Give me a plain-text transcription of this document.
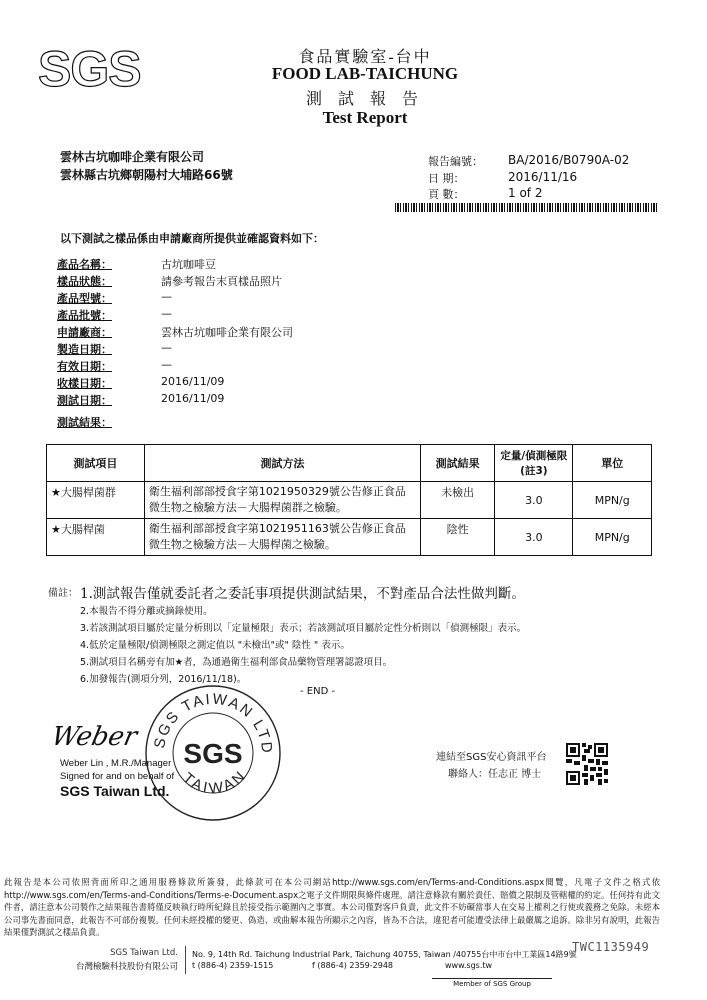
SGS	食品實驗室-台中
FOOD LAB-TAICHUNG
測 試 報 告
Test Report
雲林古坑咖啡企業有限公司
雲林縣古坑鄉朝陽村大埔路66號
報告編號： BA/2016/B0790A-02
日 期：	2016/11/16
頁 數：	1 of 2
以下測試之樣品係由申請廠商所提供並確認資料如下：
產品名稱：	古坑咖啡豆
樣品狀態：	請參考報告末頁樣品照片
產品型號：	—
產品批號：	—
申請廠商：	雲林古坑咖啡企業有限公司
製造日期：	—
有效日期：	—
收樣日期：	2016/11/09
測試日期：	2016/11/09
測試結果：
測試項目	測試方法	測試結果	定量/偵測極限(註3)	單位
★大腸桿菌群	衛生福利部部授食字第1021950329號公告修正食品微生物之檢驗方法－大腸桿菌群之檢驗。	未檢出	3.0	MPN/g
★大腸桿菌	衛生福利部部授食字第1021951163號公告修正食品微生物之檢驗方法－大腸桿菌之檢驗。	陰性	3.0	MPN/g
備註： 1.測試報告僅就委託者之委託事項提供測試結果，不對產品合法性做判斷。
2.本報告不得分離或摘錄使用。
3.若該測試項目屬於定量分析則以「定量極限」表示；若該測試項目屬於定性分析則以「偵測極限」表示。
4.低於定量極限/偵測極限之測定值以 "未檢出"或" 陰性 " 表示。
5.測試項目名稱旁有加★者，為通過衛生福利部食品藥物管理署認證項目。
6.加發報告(測項分列，2016/11/18)。
- END -
Weber
Weber Lin , M.R./Manager
Signed for and on behalf of
SGS Taiwan Ltd.
SGS TAIWAN LTD
TAIWAN
SGS	連結至SGS安心資訊平台
聯絡人：任志正 博士
此報告是本公司依照背面所印之通用服務條款所簽發，此條款可在本公司網站http://www.sgs.com/en/Terms-and-Conditions.aspx閱覽，凡電子文件之格式依http://www.sgs.com/en/Terms-and-Conditions/Terms-e-Document.aspx之電子文件期限與條件處理。請注意條款有關於責任、賠償之限制及管轄權的約定。任何持有此文件者，請注意本公司製作之結果報告書將僅反映執行時所紀錄且於接受指示範圍內之事實。本公司僅對客戶負責，此文件不妨礙當事人在交易上權利之行使或義務之免除。未經本公司事先書面同意，此報告不可部份複製。任何未經授權的變更、偽造、或曲解本報告所顯示之內容，皆為不合法，違犯者可能遭受法律上最嚴厲之追訴。除非另有說明，此報告結果僅對測試之樣品負責。
SGS Taiwan Ltd.
台灣檢驗科技股份有限公司
No. 9, 14th Rd. Taichung Industrial Park, Taichung 40755, Taiwan /40755台中市台中工業區14路9號
t (886-4) 2359-1515	f (886-4) 2359-2948	www.sgs.tw
TWC1135949
Member of SGS Group
